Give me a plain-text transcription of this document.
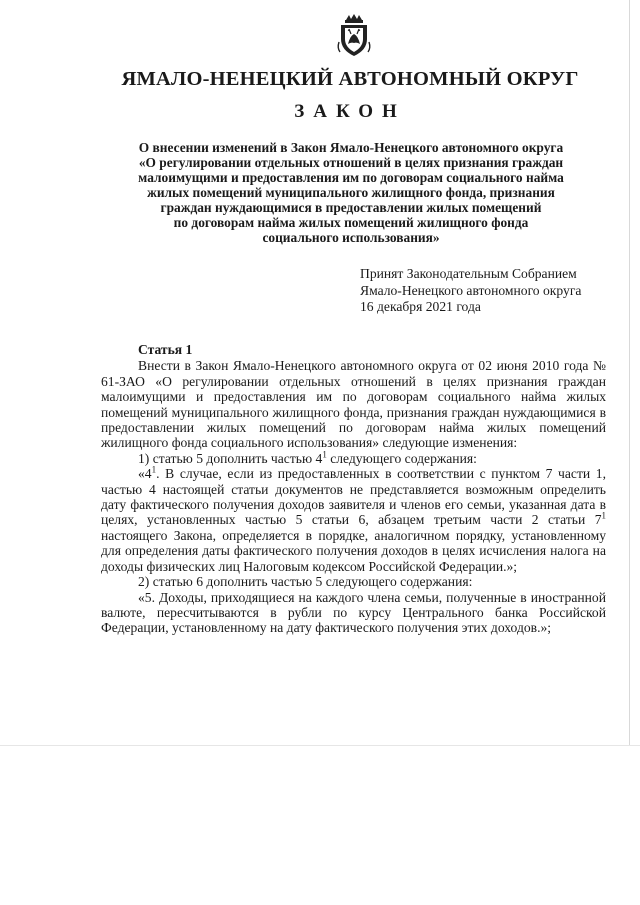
ЯМАЛО-НЕНЕЦКИЙ АВТОНОМНЫЙ ОКРУГ
ЗАКОН
О внесении изменений в Закон Ямало-Ненецкого автономного округа
«О регулировании отдельных отношений в целях признания граждан
малоимущими и предоставления им по договорам социального найма
жилых помещений муниципального жилищного фонда, признания
граждан нуждающимися в предоставлении жилых помещений
по договорам найма жилых помещений жилищного фонда
социального использования»
Принят Законодательным Собранием
Ямало-Ненецкого автономного округа
16 декабря 2021 года
Статья 1

Внести в Закон Ямало-Ненецкого автономного округа от 02 июня 2010 года № 61-ЗАО «О регулировании отдельных отношений в целях признания граждан малоимущими и предоставления им по договорам социального найма жилых помещений муниципального жилищного фонда, признания граждан нуждающимися в предоставлении жилых помещений по договорам найма жилых помещений жилищного фонда социального использования» следующие изменения:

1) статью 5 дополнить частью $4^1$ следующего содержания:

«$4^1$. В случае, если из предоставленных в соответствии с пунктом 7 части 1, частью 4 настоящей статьи документов не представляется возможным определить дату фактического получения доходов заявителя и членов его семьи, указанная дата в целях, установленных частью 5 статьи 6, абзацем третьим части 2 статьи $7^1$ настоящего Закона, определяется в порядке, аналогичном порядку, установленному для определения даты фактического получения доходов в целях исчисления налога на доходы физических лиц Налоговым кодексом Российской Федерации.»;

2) статью 6 дополнить частью 5 следующего содержания:

«5. Доходы, приходящиеся на каждого члена семьи, полученные в иностранной валюте, пересчитываются в рубли по курсу Центрального банка Российской Федерации, установленному на дату фактического получения этих доходов.»;
